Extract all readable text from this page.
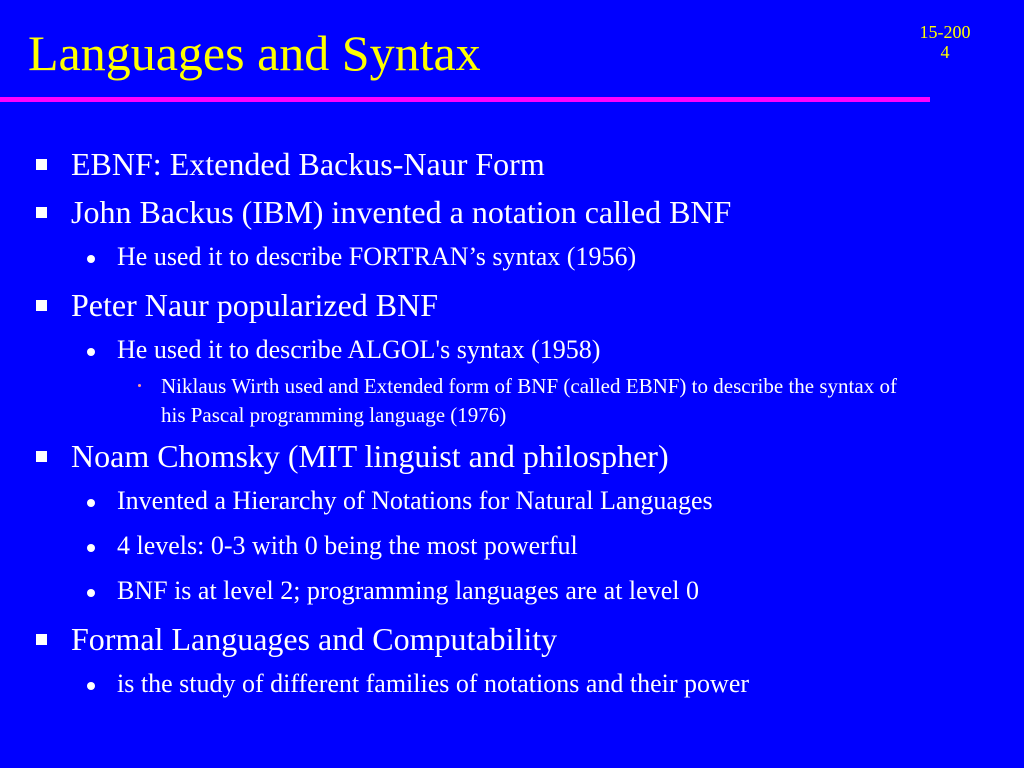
Languages and Syntax	15-200
4
EBNF: Extended Backus-Naur Form
John Backus (IBM) invented a notation called BNF
He used it to describe FORTRAN’s syntax (1956)
Peter Naur popularized BNF
He used it to describe ALGOL's syntax (1958)
Niklaus Wirth used and Extended form of BNF (called EBNF) to describe the syntax of his Pascal programming language (1976)
Noam Chomsky (MIT linguist and philospher)
Invented a Hierarchy of Notations for Natural Languages
4 levels: 0-3 with 0 being the most powerful
BNF is at level 2; programming languages are at level 0
Formal Languages and Computability
is the study of different families of notations and their power
